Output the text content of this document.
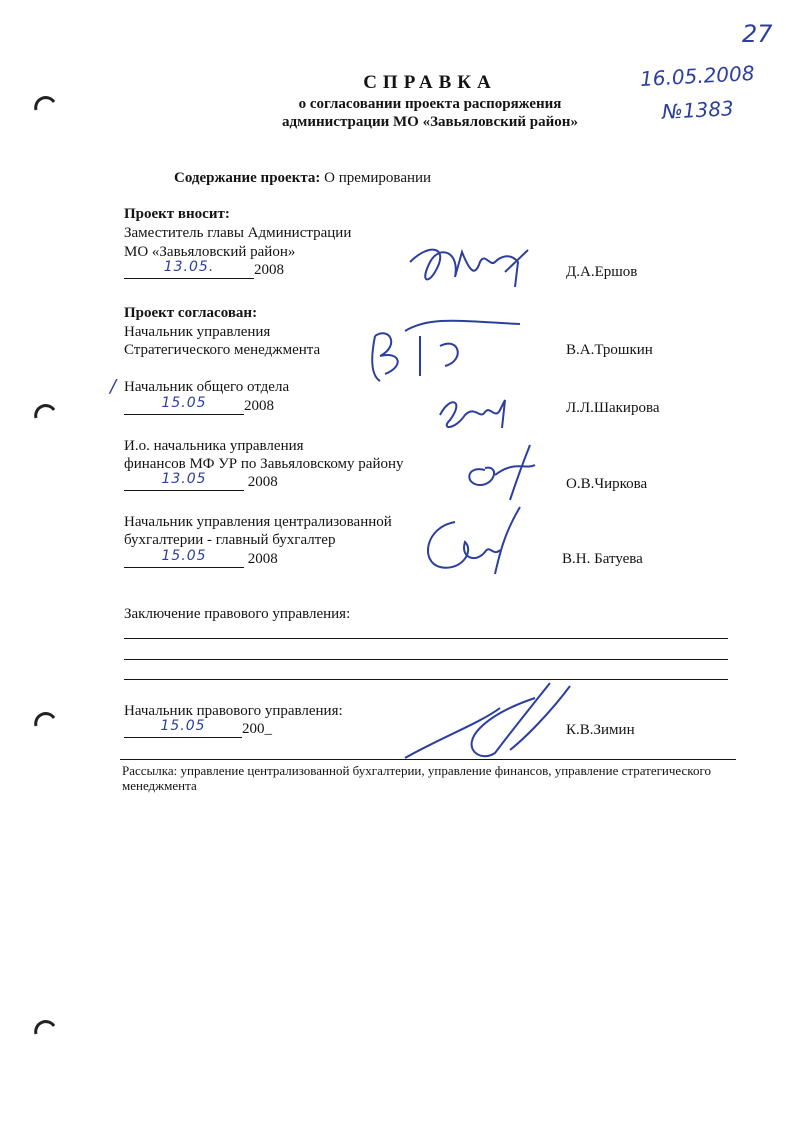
27
16.05.2008
№1383
СПРАВКА
о согласовании проекта распоряжения
администрации МО «Завьяловский район»
Содержание проекта: О премировании
Проект вносит:
Заместитель главы Администрации
МО «Завьяловский район»
13.05.	2008	Д.А.Ершов
Проект согласован:
Начальник управления
Стратегического менеджмента	В.А.Трошкин
/ Начальник общего отдела
15.05 2008	Л.Л.Шакирова
И.о. начальника управления
финансов МФ УР по Завьяловскому району
13.05	2008	О.В.Чиркова
Начальник управления централизованной
бухгалтерии - главный бухгалтер
15.05	2008	В.Н. Батуева
Заключение правового управления:
Начальник правового управления:
15.05 200_	К.В.Зимин
Рассылка: управление централизованной бухгалтерии, управление финансов, управление стратегического
менеджмента
